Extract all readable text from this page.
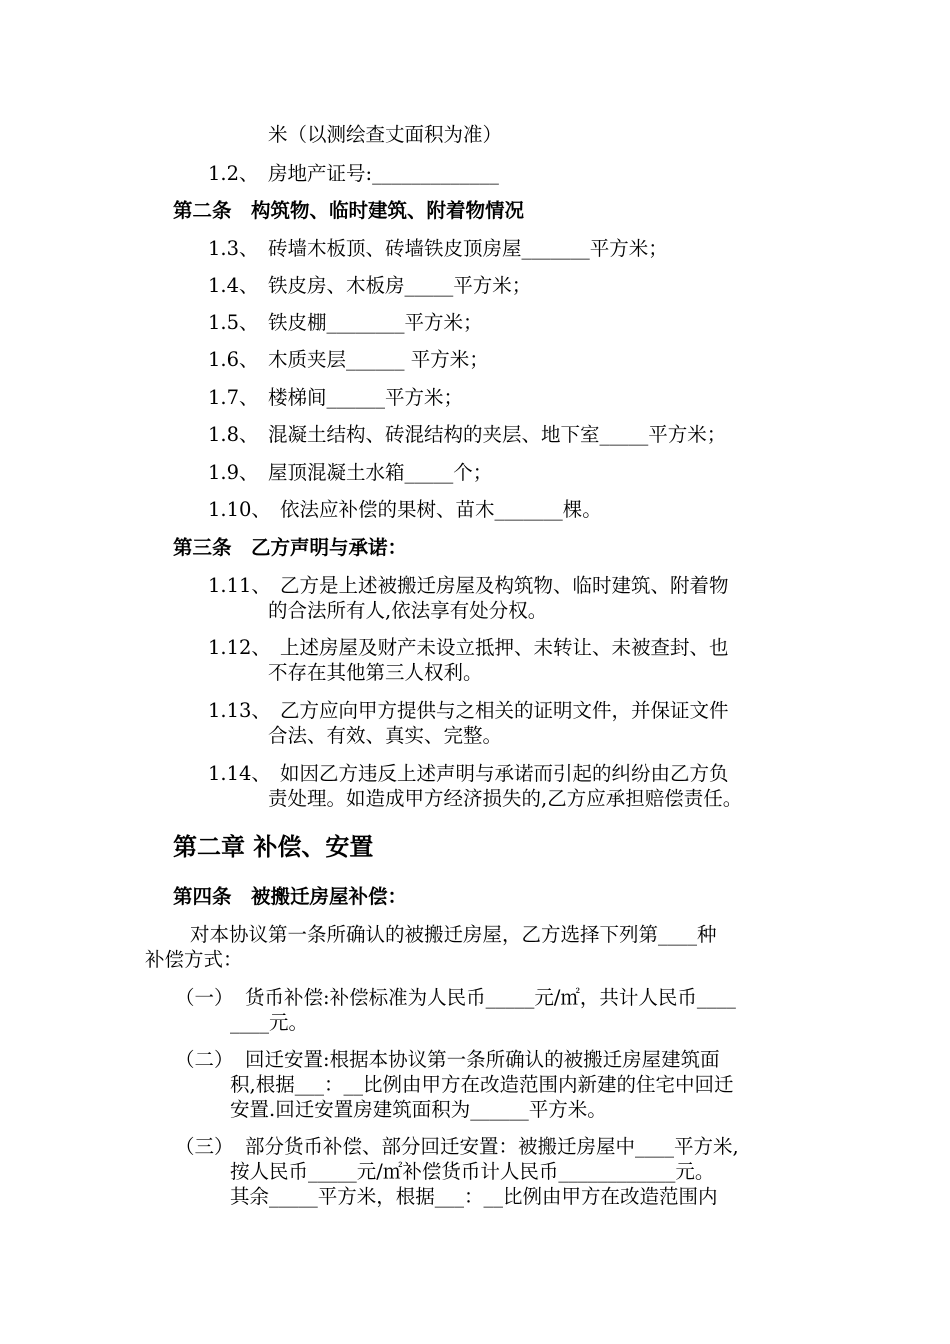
米（以测绘查丈面积为准）
1.2、 房地产证号:_____________
第二条　构筑物、临时建筑、附着物情况
1.3、 砖墙木板顶、砖墙铁皮顶房屋_______平方米；
1.4、 铁皮房、木板房_____平方米；
1.5、 铁皮棚________平方米；
1.6、 木质夹层______ 平方米；
1.7、 楼梯间______平方米；
1.8、 混凝土结构、砖混结构的夹层、地下室_____平方米；
1.9、 屋顶混凝土水箱_____个；
1.10、 依法应补偿的果树、苗木_______棵。
第三条　乙方声明与承诺：
1.11、 乙方是上述被搬迁房屋及构筑物、临时建筑、附着物
的合法所有人,依法享有处分权。
1.12、 上述房屋及财产未设立抵押、未转让、未被查封、也
不存在其他第三人权利。
1.13、 乙方应向甲方提供与之相关的证明文件，并保证文件
合法、有效、真实、完整。
1.14、 如因乙方违反上述声明与承诺而引起的纠纷由乙方负
责处理。如造成甲方经济损失的,乙方应承担赔偿责任。
第二章 补偿、安置
第四条　被搬迁房屋补偿：
对本协议第一条所确认的被搬迁房屋，乙方选择下列第____种
补偿方式：
（一） 货币补偿:补偿标准为人民币_____元/㎡，共计人民币____
____元。
（二） 回迁安置:根据本协议第一条所确认的被搬迁房屋建筑面
积,根据___：__比例由甲方在改造范围内新建的住宅中回迁
安置.回迁安置房建筑面积为______平方米。
（三） 部分货币补偿、部分回迁安置：被搬迁房屋中____平方米,
按人民币_____元/㎡补偿货币计人民币____________元。
其余_____平方米，根据___：__比例由甲方在改造范围内
